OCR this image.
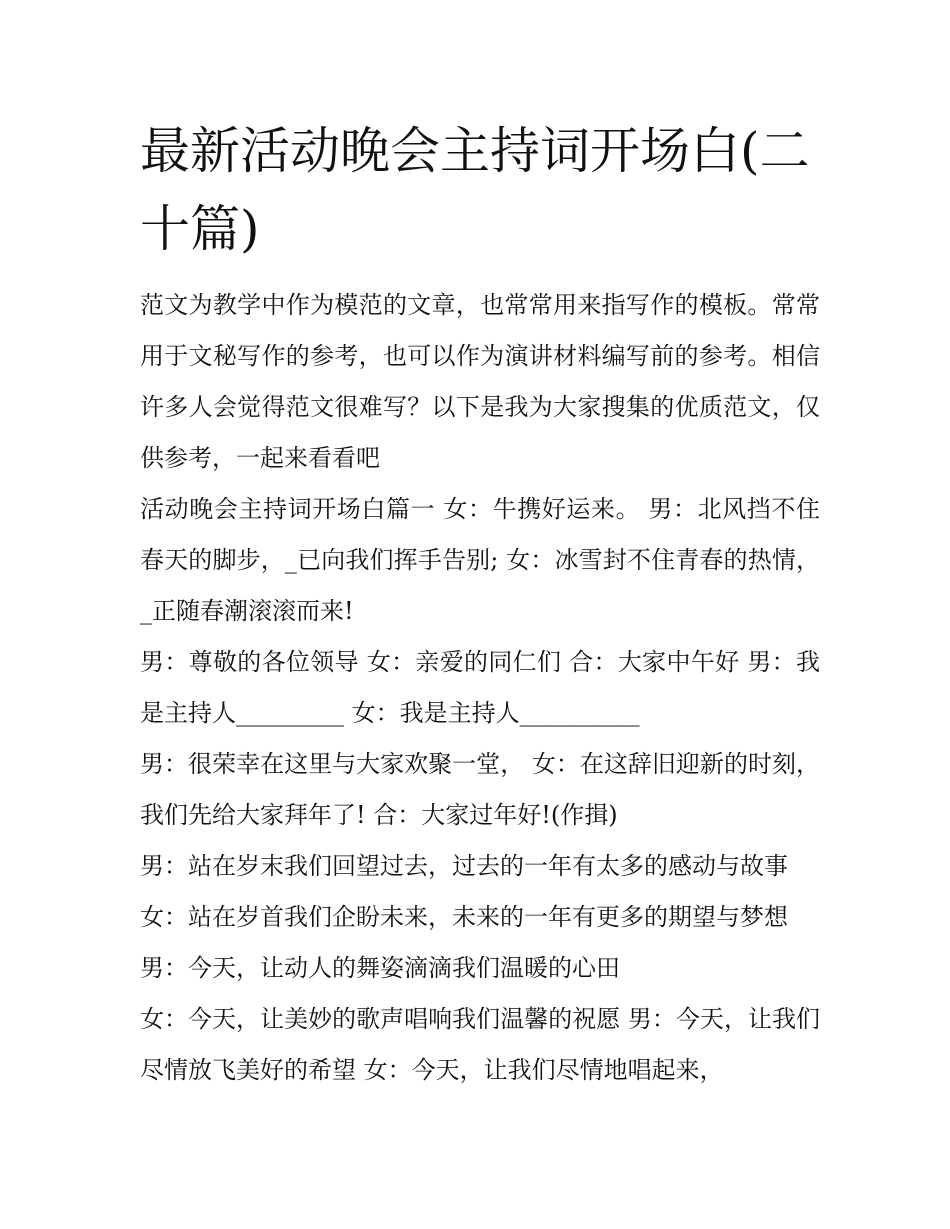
最新活动晚会主持词开场白(二十篇)

范文为教学中作为模范的文章，也常常用来指写作的模板。常常用于文秘写作的参考，也可以作为演讲材料编写前的参考。相信许多人会觉得范文很难写？以下是我为大家搜集的优质范文，仅供参考，一起来看看吧

活动晚会主持词开场白篇一 女：牛携好运来。 男：北风挡不住春天的脚步，_已向我们挥手告别; 女：冰雪封不住青春的热情，_正随春潮滚滚而来!

男：尊敬的各位领导 女：亲爱的同仁们 合：大家中午好 男：我是主持人_________ 女：我是主持人__________

男：很荣幸在这里与大家欢聚一堂， 女：在这辞旧迎新的时刻，我们先给大家拜年了! 合：大家过年好!(作揖)

男：站在岁末我们回望过去，过去的一年有太多的感动与故事

女：站在岁首我们企盼未来，未来的一年有更多的期望与梦想

男：今天，让动人的舞姿滴滴我们温暖的心田

女：今天，让美妙的歌声唱响我们温馨的祝愿 男：今天，让我们尽情放飞美好的希望 女：今天，让我们尽情地唱起来，
